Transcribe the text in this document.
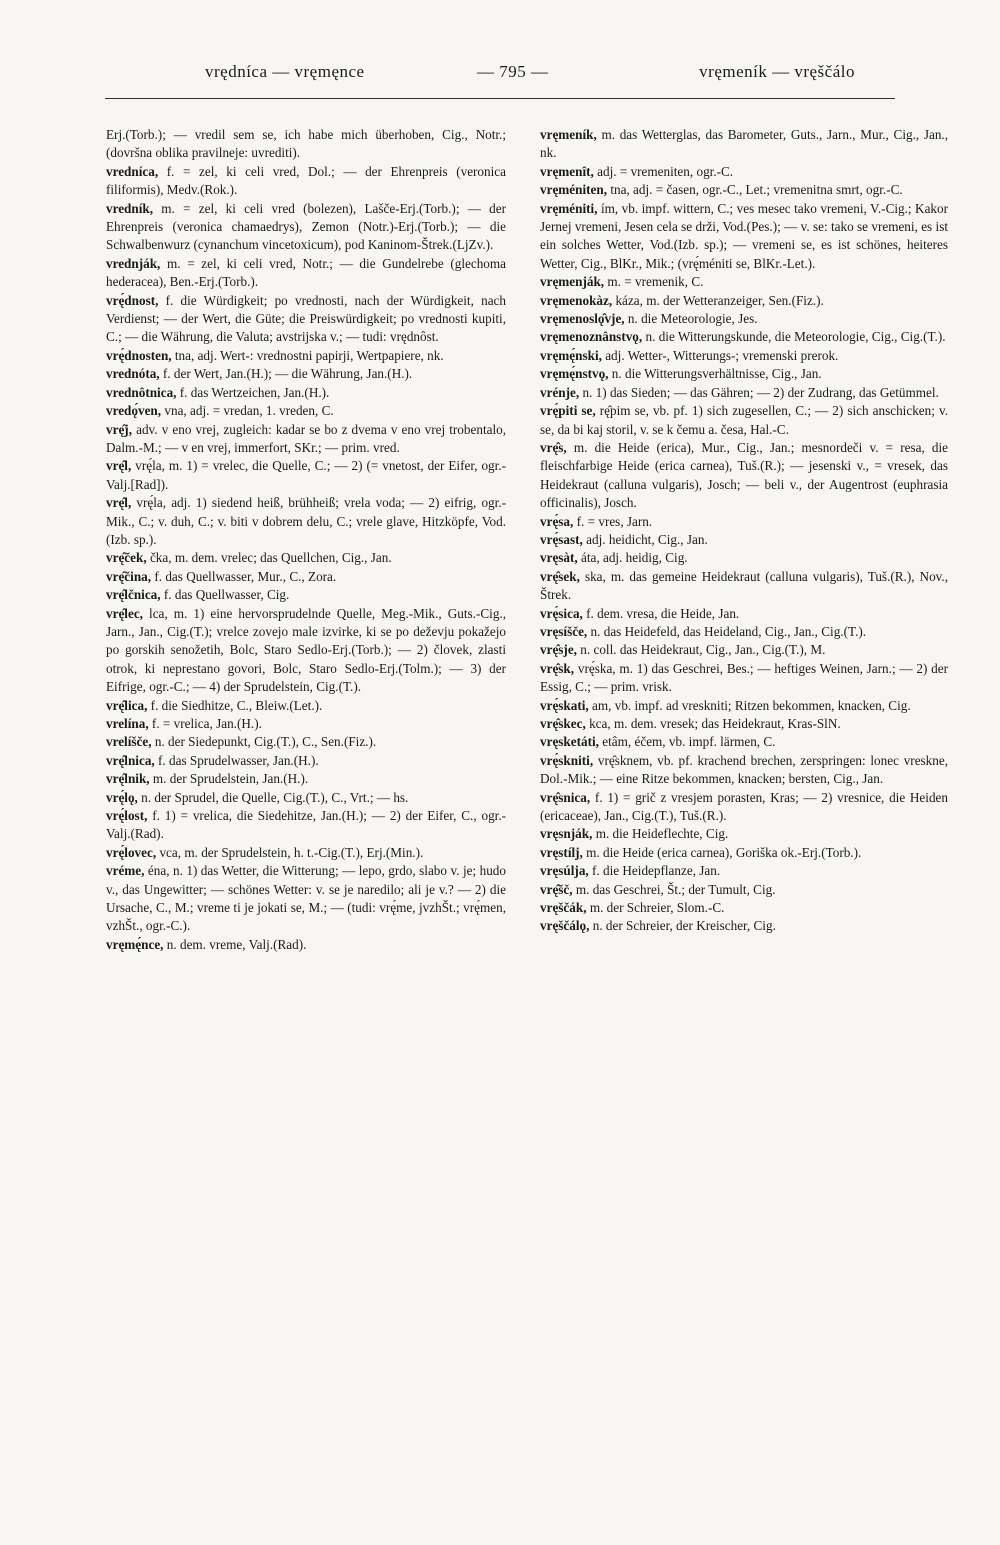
vrędníca — vręmęnce	— 795 —	vręmeník — vręščálo

Erj.(Torb.); — vredil sem se, ich habe mich überhoben, Cig., Notr.; (dovršna oblika pravilneje: uvrediti).

vredníca, f. = zel, ki celi vred, Dol.; — der Ehrenpreis (veronica filiformis), Medv.(Rok.).

vredník, m. = zel, ki celi vred (bolezen), Lašče-Erj.(Torb.); — der Ehrenpreis (veronica chamaedrys), Zemon (Notr.)-Erj.(Torb.); — die Schwalbenwurz (cynanchum vincetoxicum), pod Kaninom-Štrek.(LjZv.).

vrednják, m. = zel, ki celi vred, Notr.; — die Gundelrebe (glechoma hederacea), Ben.-Erj.(Torb.).

vrę́dnost, f. die Würdigkeit; po vrednosti, nach der Würdigkeit, nach Verdienst; — der Wert, die Güte; die Preiswürdigkeit; po vrednosti kupiti, C.; — die Währung, die Valuta; avstrijska v.; — tudi: vrędnôst.

vrę́dnosten, tna, adj. Wert-: vrednostni papirji, Wertpapiere, nk.

vrednóta, f. der Wert, Jan.(H.); — die Währung, Jan.(H.).

vrednôtnica, f. das Wertzeichen, Jan.(H.).

vredǫ́ven, vna, adj. = vredan, 1. vreden, C.

vrę̂j, adv. v eno vrej, zugleich: kadar se bo z dvema v eno vrej trobentalo, Dalm.-M.; — v en vrej, immerfort, SKr.; — prim. vred.

vrę̂l, vrę́la, m. 1) = vrelec, die Quelle, C.; — 2) (= vnetost, der Eifer, ogr.-Valj.[Rad]).

vrę̂l, vrę́la, adj. 1) siedend heiß, brühheiß; vrela voda; — 2) eifrig, ogr.-Mik., C.; v. duh, C.; v. biti v dobrem delu, C.; vrele glave, Hitzköpfe, Vod.(Izb. sp.).

vrę̂ček, čka, m. dem. vrelec; das Quellchen, Cig., Jan.

vrę̂čina, f. das Quellwasser, Mur., C., Zora.

vrę̂lčnica, f. das Quellwasser, Cig.

vrę̂lec, lca, m. 1) eine hervorsprudelnde Quelle, Meg.-Mik., Guts.-Cig., Jarn., Jan., Cig.(T.); vrelce zovejo male izvirke, ki se po deževju pokažejo po gorskih senožetih, Bolc, Staro Sedlo-Erj.(Torb.); — 2) človek, zlasti otrok, ki neprestano govori, Bolc, Staro Sedlo-Erj.(Tolm.); — 3) der Eifrige, ogr.-C.; — 4) der Sprudelstein, Cig.(T.).

vrę̂lica, f. die Siedhitze, C., Bleiw.(Let.).

vrelína, f. = vrelica, Jan.(H.).

vrelíšče, n. der Siedepunkt, Cig.(T.), C., Sen.(Fiz.).

vrę̂lnica, f. das Sprudelwasser, Jan.(H.).

vrę̂lnik, m. der Sprudelstein, Jan.(H.).

vrę́lǫ, n. der Sprudel, die Quelle, Cig.(T.), C., Vrt.; — hs.

vrę́lost, f. 1) = vrelica, die Siedehitze, Jan.(H.); — 2) der Eifer, C., ogr.-Valj.(Rad).

vrę́lovec, vca, m. der Sprudelstein, h. t.-Cig.(T.), Erj.(Min.).

vréme, éna, n. 1) das Wetter, die Witterung; — lepo, grdo, slabo v. je; hudo v., das Ungewitter; — schönes Wetter: v. se je naredilo; ali je v.? — 2) die Ursache, C., M.; vreme ti je jokati se, M.; — (tudi: vrę́me, jvzhŠt.; vrę́men, vzhŠt., ogr.-C.).

vręmę́nce, n. dem. vreme, Valj.(Rad).

vręmeník, m. das Wetterglas, das Barometer, Guts., Jarn., Mur., Cig., Jan., nk.

vręmenît, adj. = vremeniten, ogr.-C.

vręméniten, tna, adj. = časen, ogr.-C., Let.; vremenitna smrt, ogr.-C.

vręméniti, ím, vb. impf. wittern, C.; ves mesec tako vremeni, V.-Cig.; Kakor Jernej vremeni, Jesen cela se drži, Vod.(Pes.); — v. se: tako se vremeni, es ist ein solches Wetter, Vod.(Izb. sp.); — vremeni se, es ist schönes, heiteres Wetter, Cig., BlKr., Mik.; (vrę́méniti se, BlKr.-Let.).

vręmenják, m. = vremenik, C.

vręmenokàz, káza, m. der Wetteranzeiger, Sen.(Fiz.).

vręmenoslǫ̂vje, n. die Meteorologie, Jes.

vręmenoznânstvǫ, n. die Witterungskunde, die Meteorologie, Cig., Cig.(T.).

vręmę́nski, adj. Wetter-, Witterungs-; vremenski prerok.

vręmę́nstvǫ, n. die Witterungsverhältnisse, Cig., Jan.

vrénje, n. 1) das Sieden; — das Gähren; — 2) der Zudrang, das Getümmel.

vrę́piti se, rę̂pim se, vb. pf. 1) sich zugesellen, C.; — 2) sich anschicken; v. se, da bi kaj storil, v. se k čemu a. česa, Hal.-C.

vrę̂s, m. die Heide (erica), Mur., Cig., Jan.; mesnordeči v. = resa, die fleischfarbige Heide (erica carnea), Tuš.(R.); — jesenski v., = vresek, das Heidekraut (calluna vulgaris), Josch; — beli v., der Augentrost (euphrasia officinalis), Josch.

vrę́sa, f. = vres, Jarn.

vrę́sast, adj. heidicht, Cig., Jan.

vręsàt, áta, adj. heidig, Cig.

vrę̂sek, ska, m. das gemeine Heidekraut (calluna vulgaris), Tuš.(R.), Nov., Štrek.

vrę́sica, f. dem. vresa, die Heide, Jan.

vręsíšče, n. das Heidefeld, das Heideland, Cig., Jan., Cig.(T.).

vrę̂sje, n. coll. das Heidekraut, Cig., Jan., Cig.(T.), M.

vrę̂sk, vrę́ska, m. 1) das Geschrei, Bes.; — heftiges Weinen, Jarn.; — 2) der Essig, C.; — prim. vrisk.

vrę́skati, am, vb. impf. ad vreskniti; Ritzen bekommen, knacken, Cig.

vrę̂skec, kca, m. dem. vresek; das Heidekraut, Kras-SlN.

vręsketáti, etâm, éčem, vb. impf. lärmen, C.

vrę́skniti, vrę̂sknem, vb. pf. krachend brechen, zerspringen: lonec vreskne, Dol.-Mik.; — eine Ritze bekommen, knacken; bersten, Cig., Jan.

vrę̂snica, f. 1) = grič z vresjem porasten, Kras; — 2) vresnice, die Heiden (ericaceae), Jan., Cig.(T.), Tuš.(R.).

vręsnják, m. die Heideflechte, Cig.

vręstílj, m. die Heide (erica carnea), Goriška ok.-Erj.(Torb.).

vręsúlja, f. die Heidepflanze, Jan.

vrę̂šč, m. das Geschrei, Št.; der Tumult, Cig.

vręščák, m. der Schreier, Slom.-C.

vręščálǫ, n. der Schreier, der Kreischer, Cig.
